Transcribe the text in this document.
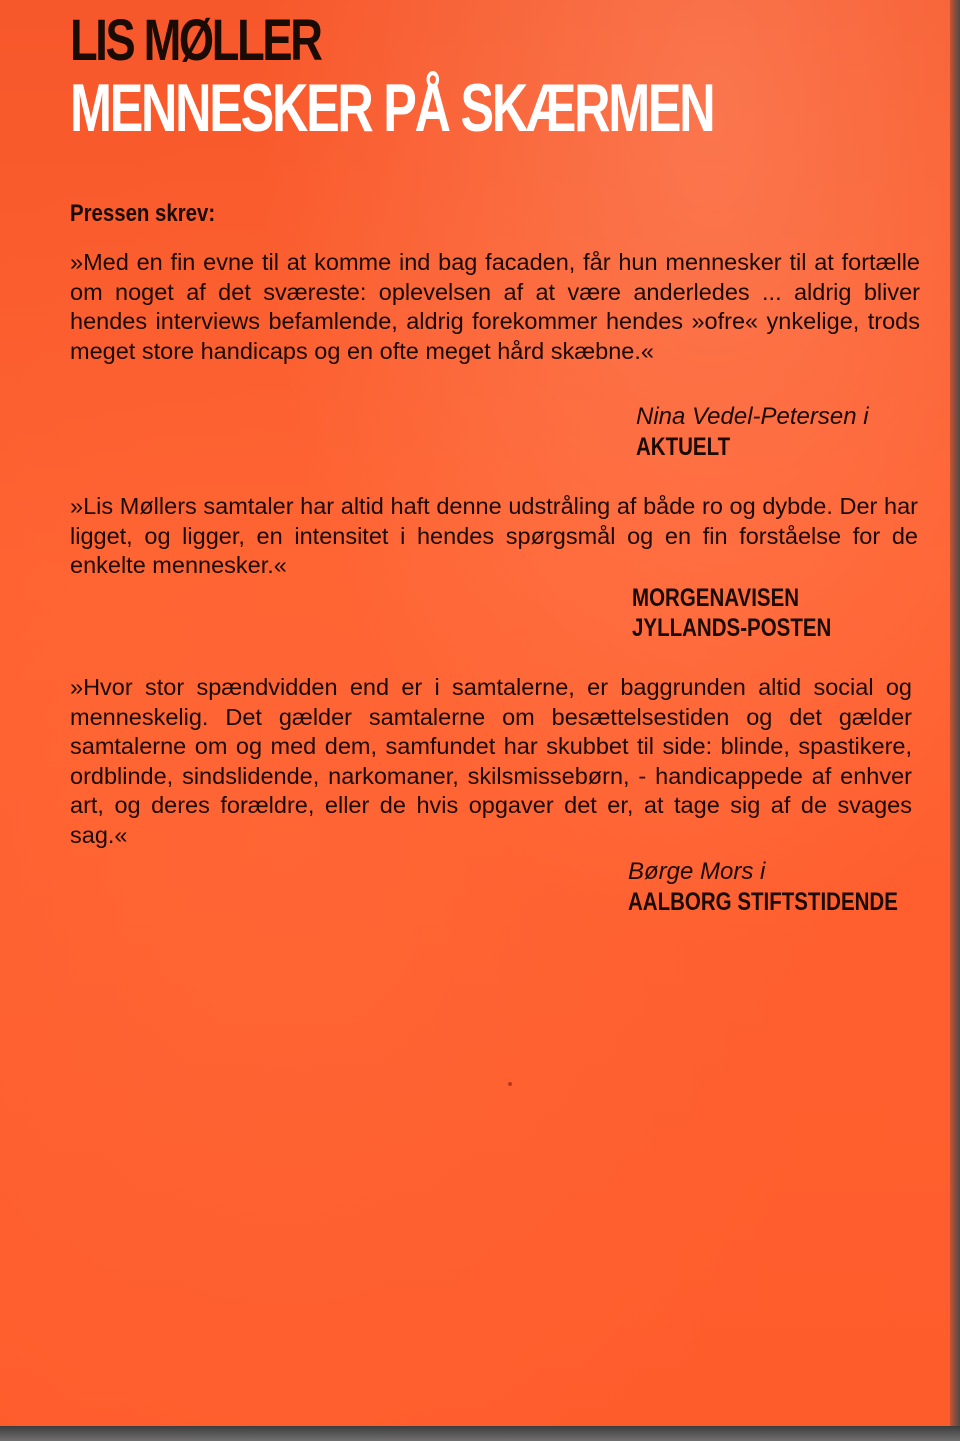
LIS MØLLER
MENNESKER PÅ SKÆRMEN
Pressen skrev:

»Med en fin evne til at komme ind bag facaden, får hun mennesker til at fortælle om noget af det sværeste: oplevelsen af at være anderledes ... aldrig bliver hendes interviews befamlende, aldrig forekommer hendes »ofre« ynkelige, trods meget store handicaps og en ofte meget hård skæbne.«

Nina Vedel-Petersen i
AKTUELT

»Lis Møllers samtaler har altid haft denne udstråling af både ro og dybde. Der har ligget, og ligger, en intensitet i hendes spørgsmål og en fin forståelse for de enkelte mennesker.«

MORGENAVISEN
JYLLANDS-POSTEN

»Hvor stor spændvidden end er i samtalerne, er baggrunden altid social og menneskelig. Det gælder samtalerne om besættelsestiden og det gælder samtalerne om og med dem, samfundet har skubbet til side: blinde, spastikere, ordblinde, sindslidende, narkomaner, skilsmissebørn, - handicappede af enhver art, og deres forældre, eller de hvis opgaver det er, at tage sig af de svages sag.«

Børge Mors i
AALBORG STIFTSTIDENDE
